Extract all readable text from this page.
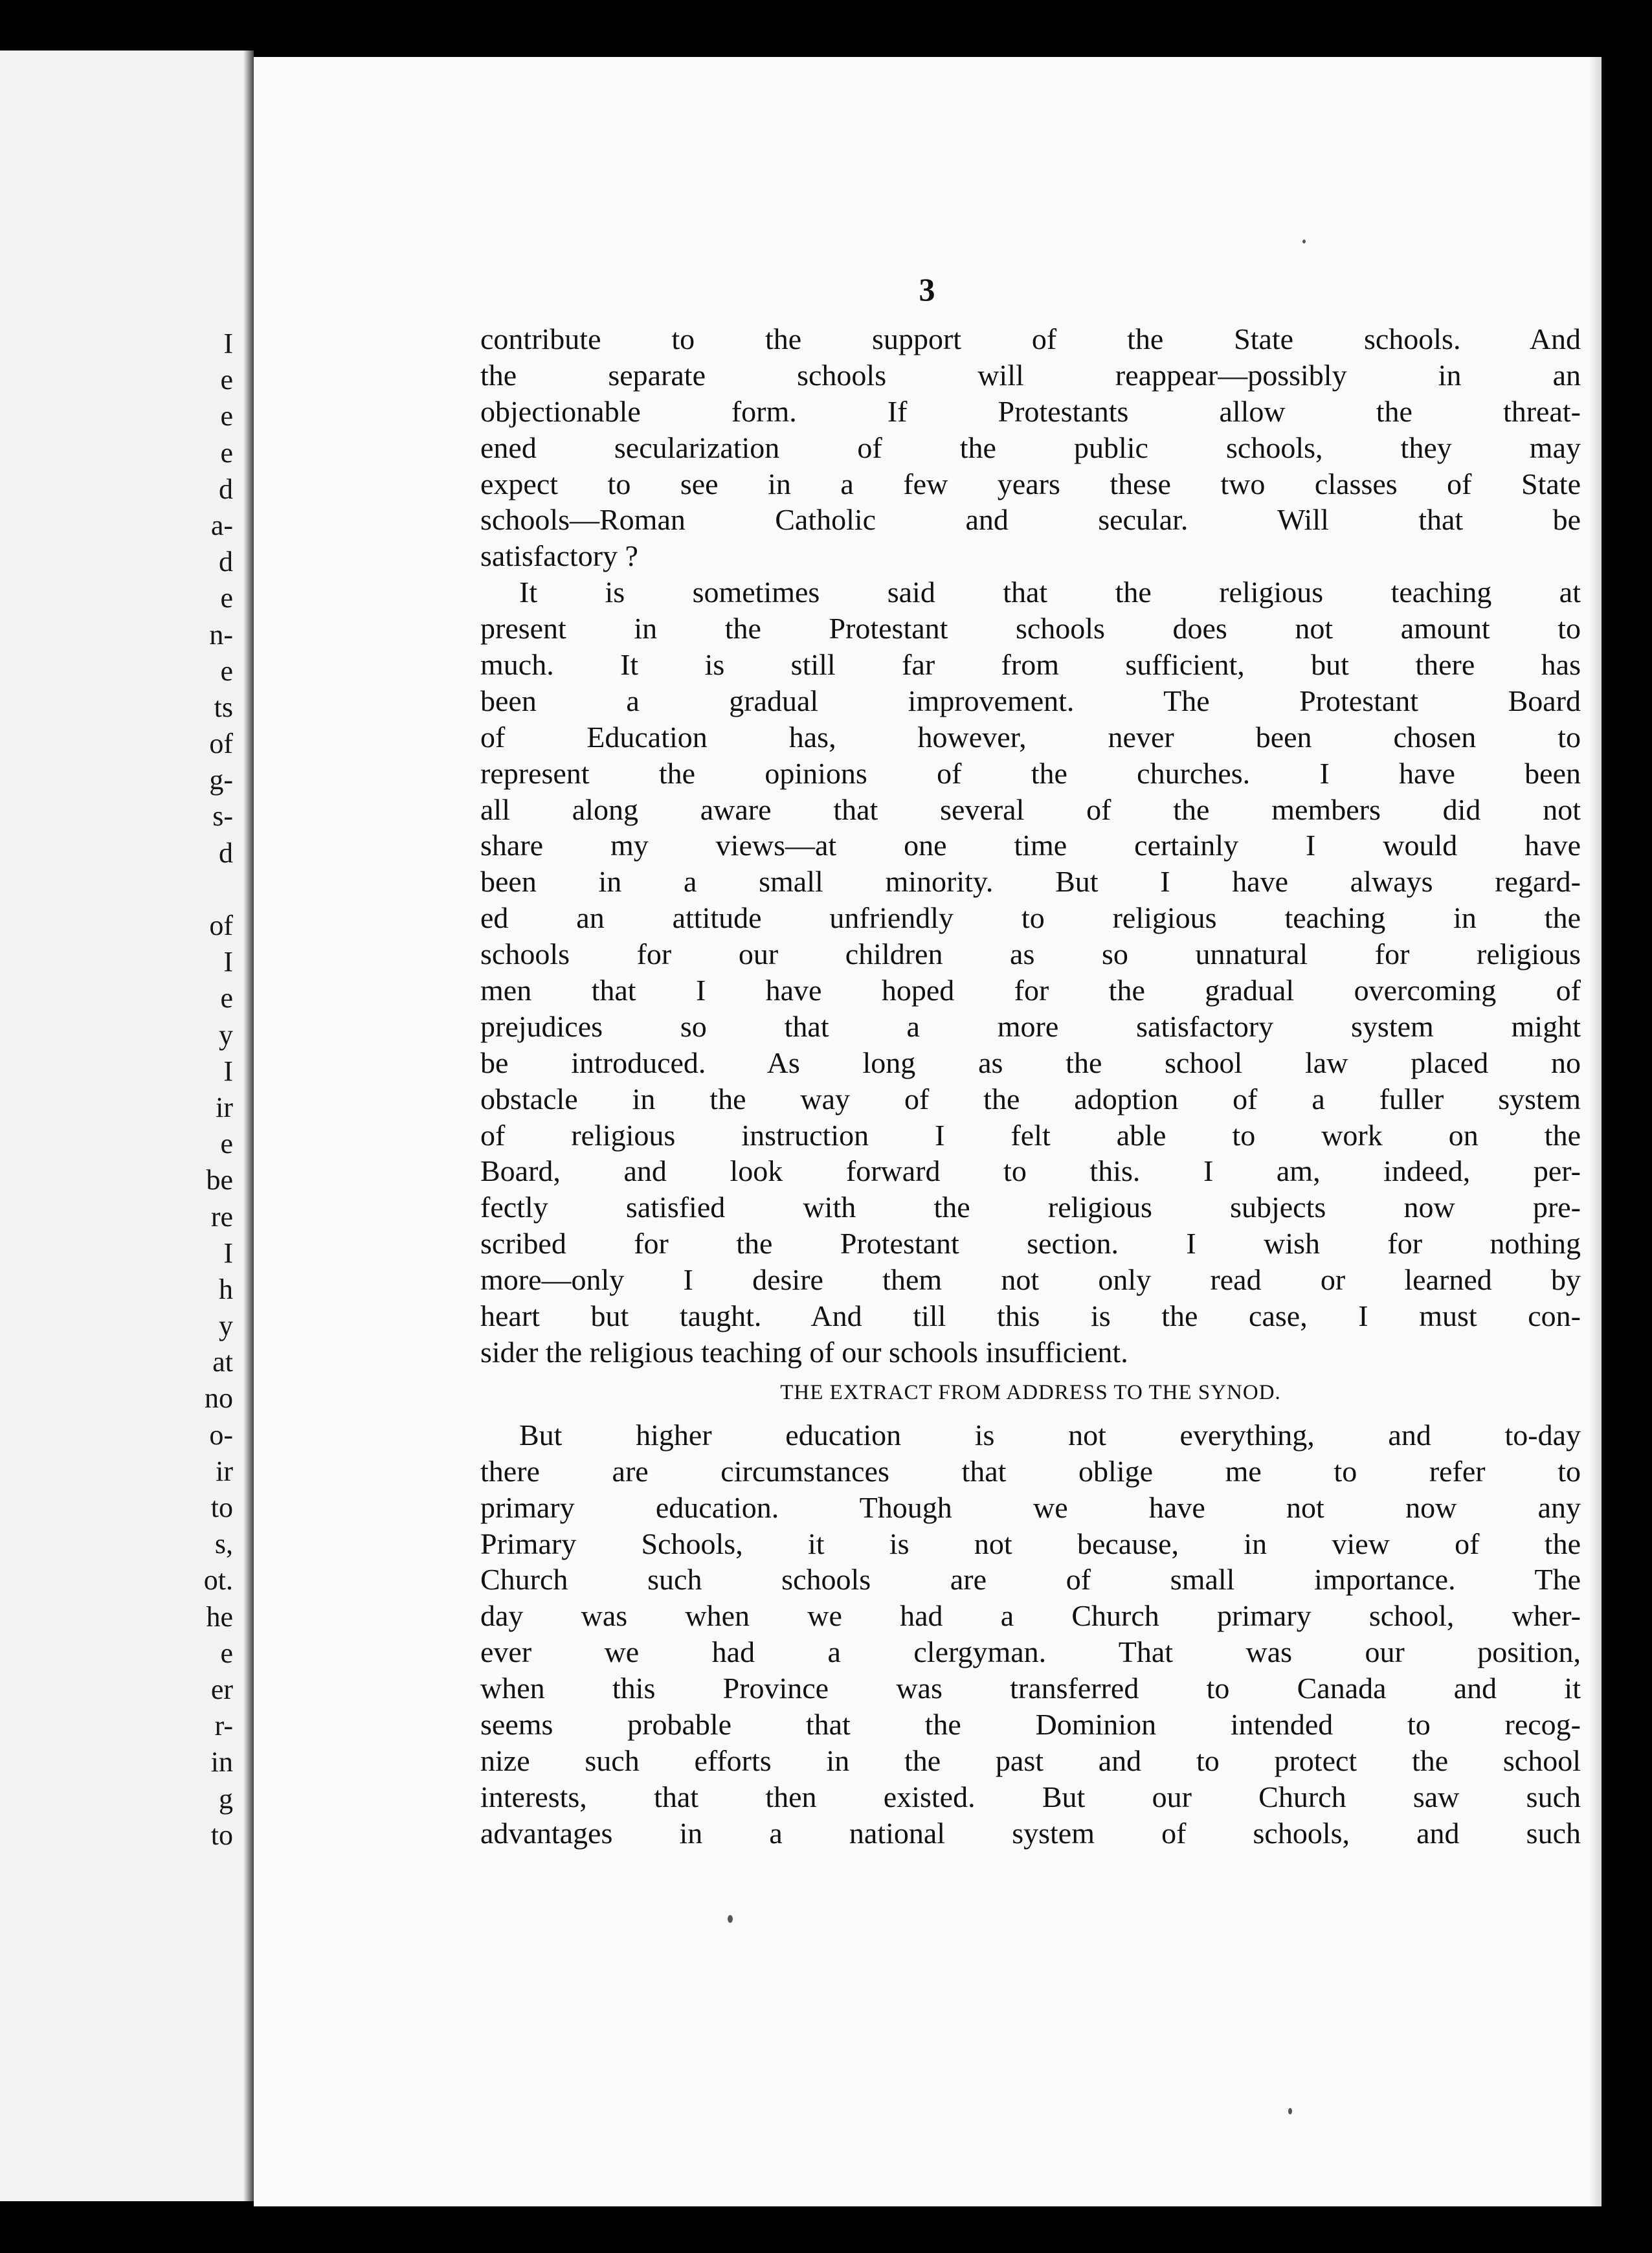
I
e
e
e
d
a-
d
e
n-
e
ts
of
g-
s-
d
of
I
e
y
I
ir
e
be
re
I
h
y
at
no
o-
ir
to
s,
ot.
he
e
er
r-
in
g
to
3
contribute to the support of the State schools. And
the separate schools will reappear—possibly in an
objectionable form. If Protestants allow the threat-
ened secularization of the public schools, they may
expect to see in a few years these two classes of State
schools—Roman Catholic and secular. Will that be
satisfactory ?
It is sometimes said that the religious teaching at
present in the Protestant schools does not amount to
much. It is still far from sufficient, but there has
been a gradual improvement. The Protestant Board
of Education has, however, never been chosen to
represent the opinions of the churches. I have been
all along aware that several of the members did not
share my views—at one time certainly I would have
been in a small minority. But I have always regard-
ed an attitude unfriendly to religious teaching in the
schools for our children as so unnatural for religious
men that I have hoped for the gradual overcoming of
prejudices so that a more satisfactory system might
be introduced. As long as the school law placed no
obstacle in the way of the adoption of a fuller system
of religious instruction I felt able to work on the
Board, and look forward to this. I am, indeed, per-
fectly satisfied with the religious subjects now pre-
scribed for the Protestant section. I wish for nothing
more—only I desire them not only read or learned by
heart but taught. And till this is the case, I must con-
sider the religious teaching of our schools insufficient.
THE EXTRACT FROM ADDRESS TO THE SYNOD.
But higher education is not everything, and to-day
there are circumstances that oblige me to refer to
primary education. Though we have not now any
Primary Schools, it is not because, in view of the
Church such schools are of small importance. The
day was when we had a Church primary school, wher-
ever we had a clergyman. That was our position,
when this Province was transferred to Canada and it
seems probable that the Dominion intended to recog-
nize such efforts in the past and to protect the school
interests, that then existed. But our Church saw such
advantages in a national system of schools, and such
